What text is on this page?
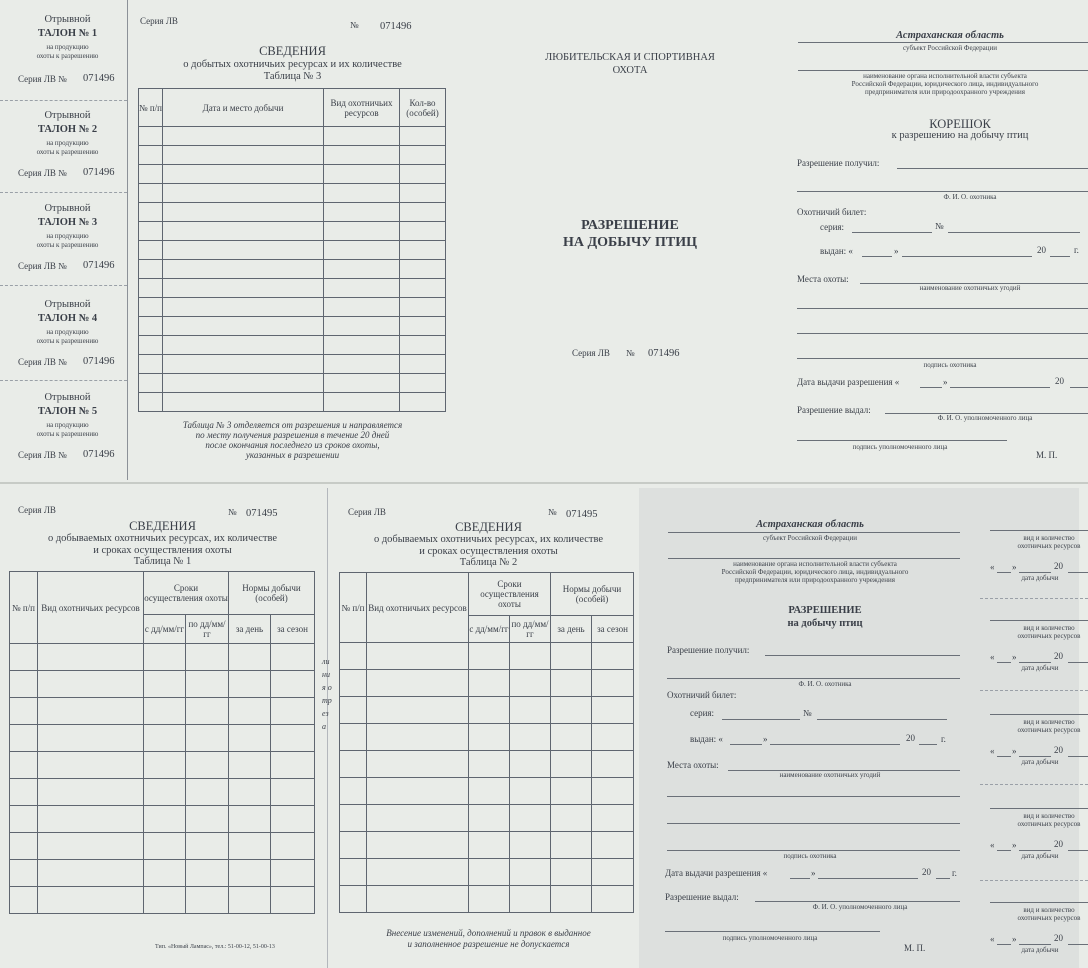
Отрывной
ТАЛОН № 1
на продукцию
охоты к разрешению
Серия ЛВ № 071496
Отрывной
ТАЛОН № 2
на продукцию
охоты к разрешению
Серия ЛВ № 071496
Отрывной
ТАЛОН № 3
на продукцию
охоты к разрешению
Серия ЛВ № 071496
Отрывной
ТАЛОН № 4
на продукцию
охоты к разрешению
Серия ЛВ № 071496
Отрывной
ТАЛОН № 5
на продукцию
охоты к разрешению
Серия ЛВ № 071496
Серия ЛВ	№ 071496
СВЕДЕНИЯ
о добытых охотничьих ресурсах и их количестве
Таблица № 3
№ п/п	Дата и место добычи	Вид охотничьих ресурсов	Кол-во (особей)

Таблица № 3 отделяется от разрешения и направляется
по месту получения разрешения в течение 20 дней
после окончания последнего из сроков охоты,
указанных в разрешении
ЛЮБИТЕЛЬСКАЯ И СПОРТИВНАЯ
ОХОТА
РАЗРЕШЕНИЕ
НА ДОБЫЧУ ПТИЦ
Серия ЛВ № 071496
Астраханская область
субъект Российской Федерации
наименование органа исполнительной власти субъекта
Российской Федерации, юридического лица, индивидуального
предпринимателя или природоохранного учреждения
КОРЕШОК
к разрешению на добычу птиц
Разрешение получил:
Ф. И. О. охотника
Охотничий билет:
серия:	№
выдан: «	»	20	г.
Места охоты:
наименование охотничьих угодий
подпись охотника
Дата выдачи разрешения «	»	20
Разрешение выдал:
Ф. И. О. уполномоченного лица
подпись уполномоченного лица
М. П.
Серия ЛВ	№ 071495
СВЕДЕНИЯ
о добываемых охотничьих ресурсах, их количестве
и сроках осуществления охоты
Таблица № 1
№ п/п	Вид охотничьих ресурсов	Сроки осуществления охоты		Нормы добычи (особей)	
		с дд/мм/гг	по дд/мм/гг	за день	за сезон

Тип. «Новый Лампас», тел.: 51-00-12, 51-00-13
линия отреза
Серия ЛВ	№ 071495
СВЕДЕНИЯ
о добываемых охотничьих ресурсах, их количестве
и сроках осуществления охоты
Таблица № 2
№ п/п	Вид охотничьих ресурсов	Сроки осуществления охоты		Нормы добычи (особей)	
		с дд/мм/гг	по дд/мм/гг	за день	за сезон

Внесение изменений, дополнений и правок в выданное
и заполненное разрешение не допускается
Астраханская область
субъект Российской Федерации
наименование органа исполнительной власти субъекта
Российской Федерации, юридического лица, индивидуального
предпринимателя или природоохранного учреждения
РАЗРЕШЕНИЕ
на добычу птиц
Разрешение получил:
Ф. И. О. охотника
Охотничий билет:
серия:	№
выдан: «	»	20	г.
Места охоты:
наименование охотничьих угодий
подпись охотника
Дата выдачи разрешения «	»	20 г.
Разрешение выдал:
Ф. И. О. уполномоченного лица
подпись уполномоченного лица
М. П.
вид и количество
охотничьих ресурсов
« »	20
дата добычи
вид и количество
охотничьих ресурсов
« »	20
дата добычи
вид и количество
охотничьих ресурсов
« »	20
дата добычи
вид и количество
охотничьих ресурсов
« »	20
дата добычи
вид и количество
охотничьих ресурсов
« »	20
дата добычи
